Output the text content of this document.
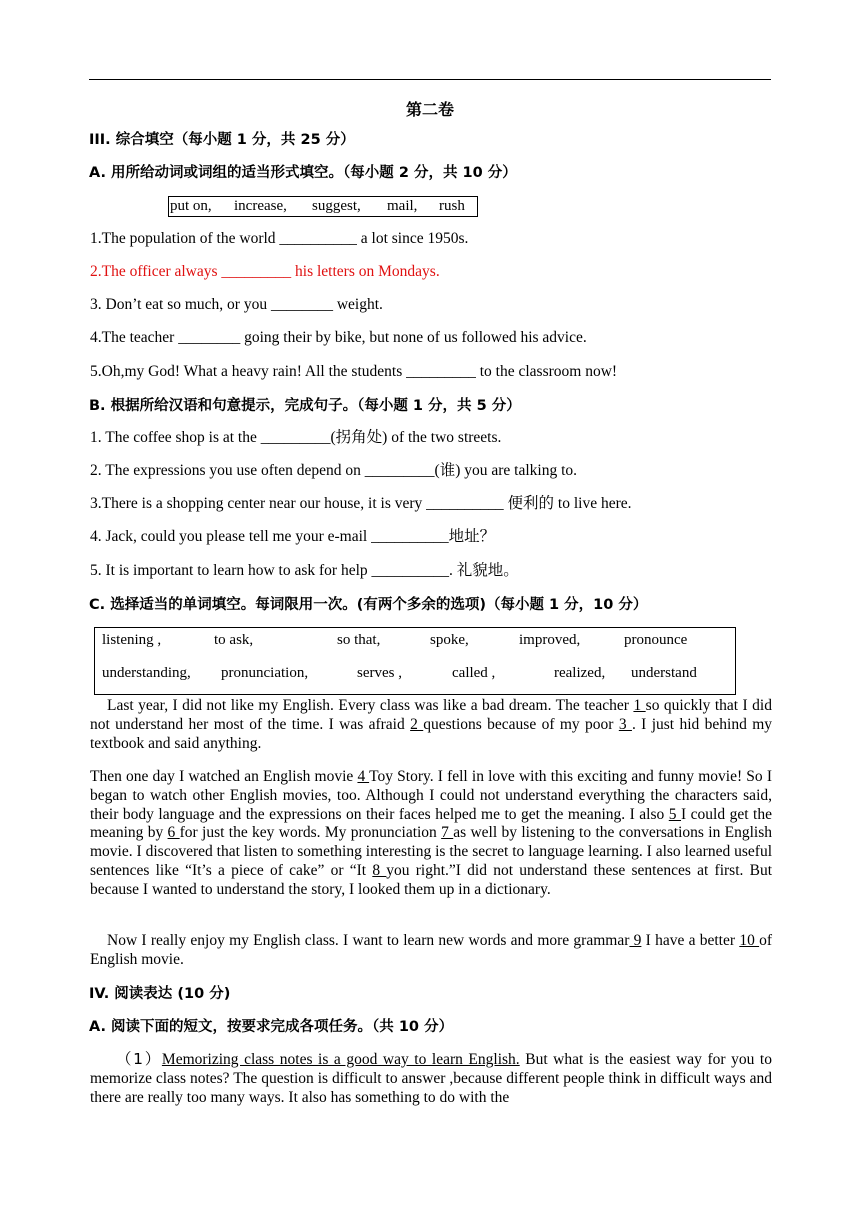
第二卷
III. 综合填空（每小题 1 分，共 25 分）
A. 用所给动词或词组的适当形式填空。（每小题 2 分，共 10 分）
put on, increase, suggest, mail, rush
1.The population of the world __________ a lot since 1950s.
2.The officer always _________ his letters on Mondays.
3. Don’t eat so much, or you ________ weight.
4.The teacher ________ going their by bike, but none of us followed his advice.
5.Oh,my God! What a heavy rain! All the students _________ to the classroom now!
B. 根据所给汉语和句意提示，完成句子。（每小题 1 分，共 5 分）
1. The coffee shop is at the _________(拐角处) of the two streets.
2. The expressions you use often depend on _________(谁) you are talking to.
3.There is a shopping center near our house, it is very __________ 便利的 to live here.
4. Jack, could you please tell me your e-mail __________地址？
5. It is important to learn how to ask for help __________. 礼貌地。
C. 选择适当的单词填空。每词限用一次。(有两个多余的选项)（每小题 1 分，10 分）
listening ,	to ask,	so that,	spoke,	improved,	pronounce
understanding, pronunciation,	serves ,	called ,	realized, understand

Last year, I did not like my English. Every class was like a bad dream. The teacher 1 so quickly that I did not understand her most of the time. I was afraid 2 questions because of my poor 3 . I just hid behind my textbook and said anything.

Then one day I watched an English movie 4 Toy Story. I fell in love with this exciting and funny movie! So I began to watch other English movies, too. Although I could not understand everything the characters said, their body language and the expressions on their faces helped me to get the meaning. I also 5 I could get the meaning by 6 for just the key words. My pronunciation 7 as well by listening to the conversations in English movie. I discovered that listen to something interesting is the secret to language learning. I also learned useful sentences like “It’s a piece of cake” or “It 8 you right.”I did not understand these sentences at first. But because I wanted to understand the story, I looked them up in a dictionary.

Now I really enjoy my English class. I want to learn new words and more grammar 9 I have a better 10 of English movie.

IV. 阅读表达 (10 分)
A. 阅读下面的短文，按要求完成各项任务。（共 10 分）

（1）Memorizing class notes is a good way to learn English. But what is the easiest way for you to memorize class notes? The question is difficult to answer ,because different people think in difficult ways and there are really too many ways. It also has something to do with the
